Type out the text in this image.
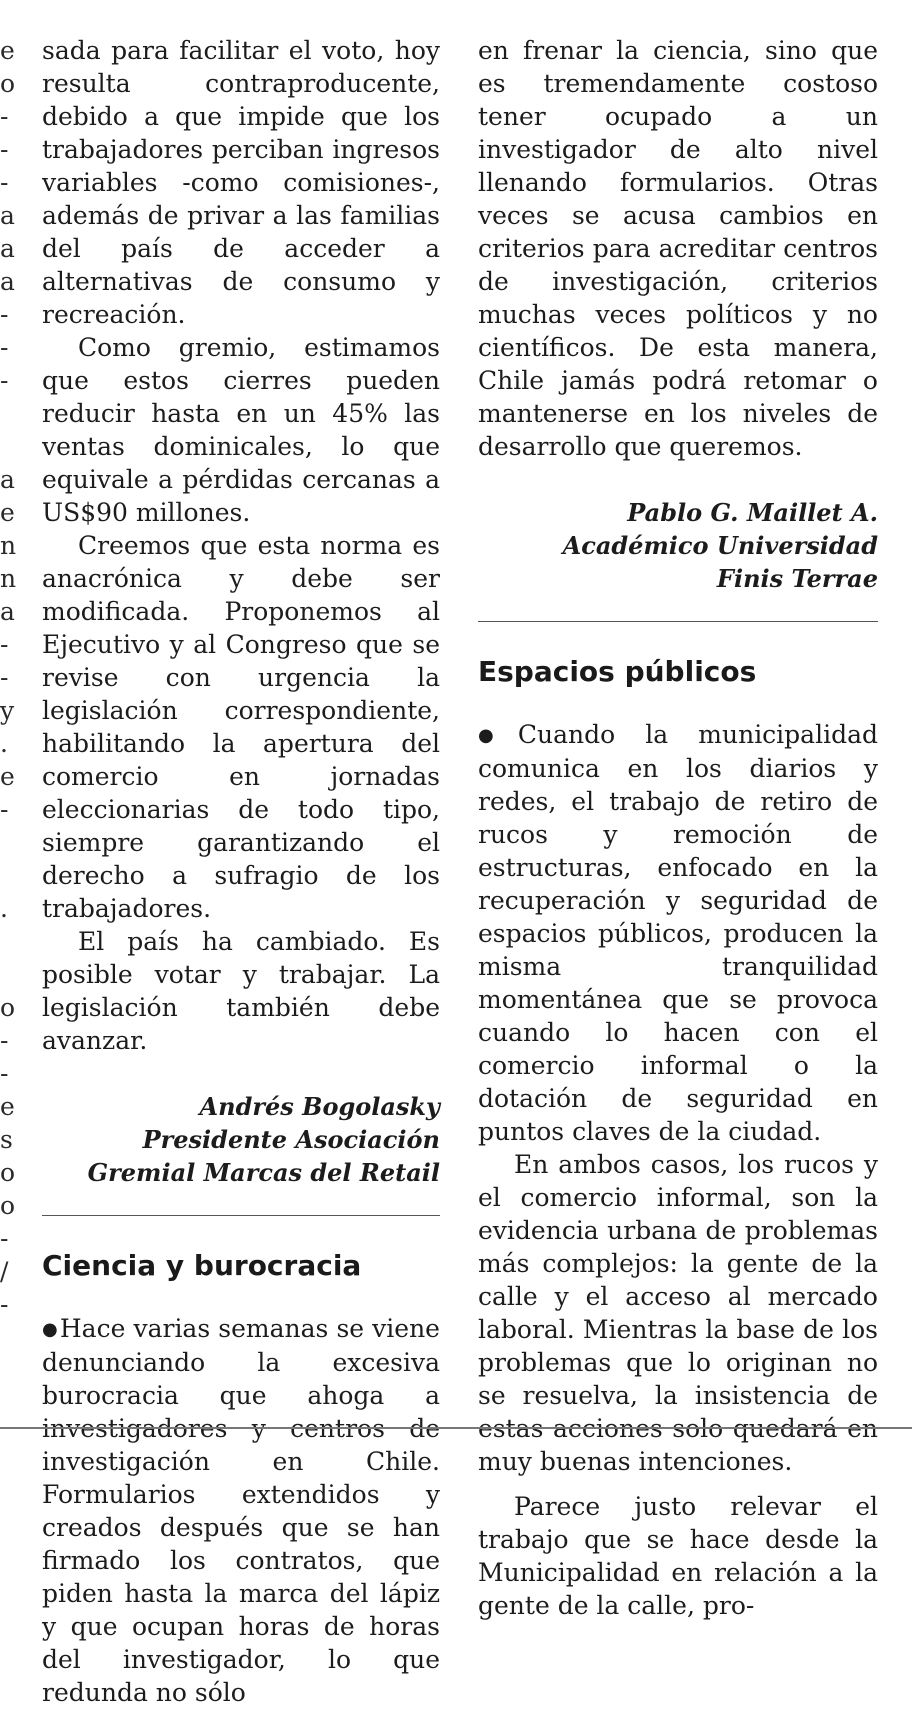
e
o
-
-
-
a
a
a
-
-
-
a
e
n
n
a
-
-
y
.
e
-
.
o
-
-
e
s
o
o
-
/
-

sada para facilitar el voto, hoy resulta contraproducente, debido a que impide que los trabajadores perciban ingresos variables -como comisiones-, además de privar a las familias del país de acceder a alternativas de consumo y recreación.

Como gremio, estimamos que estos cierres pueden reducir hasta en un 45% las ventas dominicales, lo que equivale a pérdidas cercanas a US$90 millones.

Creemos que esta norma es anacrónica y debe ser modificada. Proponemos al Ejecutivo y al Congreso que se revise con urgencia la legislación correspondiente, habilitando la apertura del comercio en jornadas eleccionarias de todo tipo, siempre garantizando el derecho a sufragio de los trabajadores.

El país ha cambiado. Es posible votar y trabajar. La legislación también debe avanzar.

Andrés Bogolasky
Presidente Asociación
Gremial Marcas del Retail
Ciencia y burocracia

● Hace varias semanas se viene denunciando la excesiva burocracia que ahoga a investigadores y centros de investigación en Chile. Formularios extendidos y creados después que se han firmado los contratos, que piden hasta la marca del lápiz y que ocupan horas de horas del investigador, lo que redunda no sólo

en frenar la ciencia, sino que es tremendamente costoso tener ocupado a un investigador de alto nivel llenando formularios. Otras veces se acusa cambios en criterios para acreditar centros de investigación, criterios muchas veces políticos y no científicos. De esta manera, Chile jamás podrá retomar o mantenerse en los niveles de desarrollo que queremos.

Pablo G. Maillet A.
Académico Universidad
Finis Terrae
Espacios públicos

● Cuando la municipalidad comunica en los diarios y redes, el trabajo de retiro de rucos y remoción de estructuras, enfocado en la recuperación y seguridad de espacios públicos, producen la misma tranquilidad momentánea que se provoca cuando lo hacen con el comercio informal o la dotación de seguridad en puntos claves de la ciudad.

En ambos casos, los rucos y el comercio informal, son la evidencia urbana de problemas más complejos: la gente de la calle y el acceso al mercado laboral. Mientras la base de los problemas que lo originan no se resuelva, la insistencia de estas acciones solo quedará en muy buenas intenciones.

Parece justo relevar el trabajo que se hace desde la Municipalidad en relación a la gente de la calle, pro-
